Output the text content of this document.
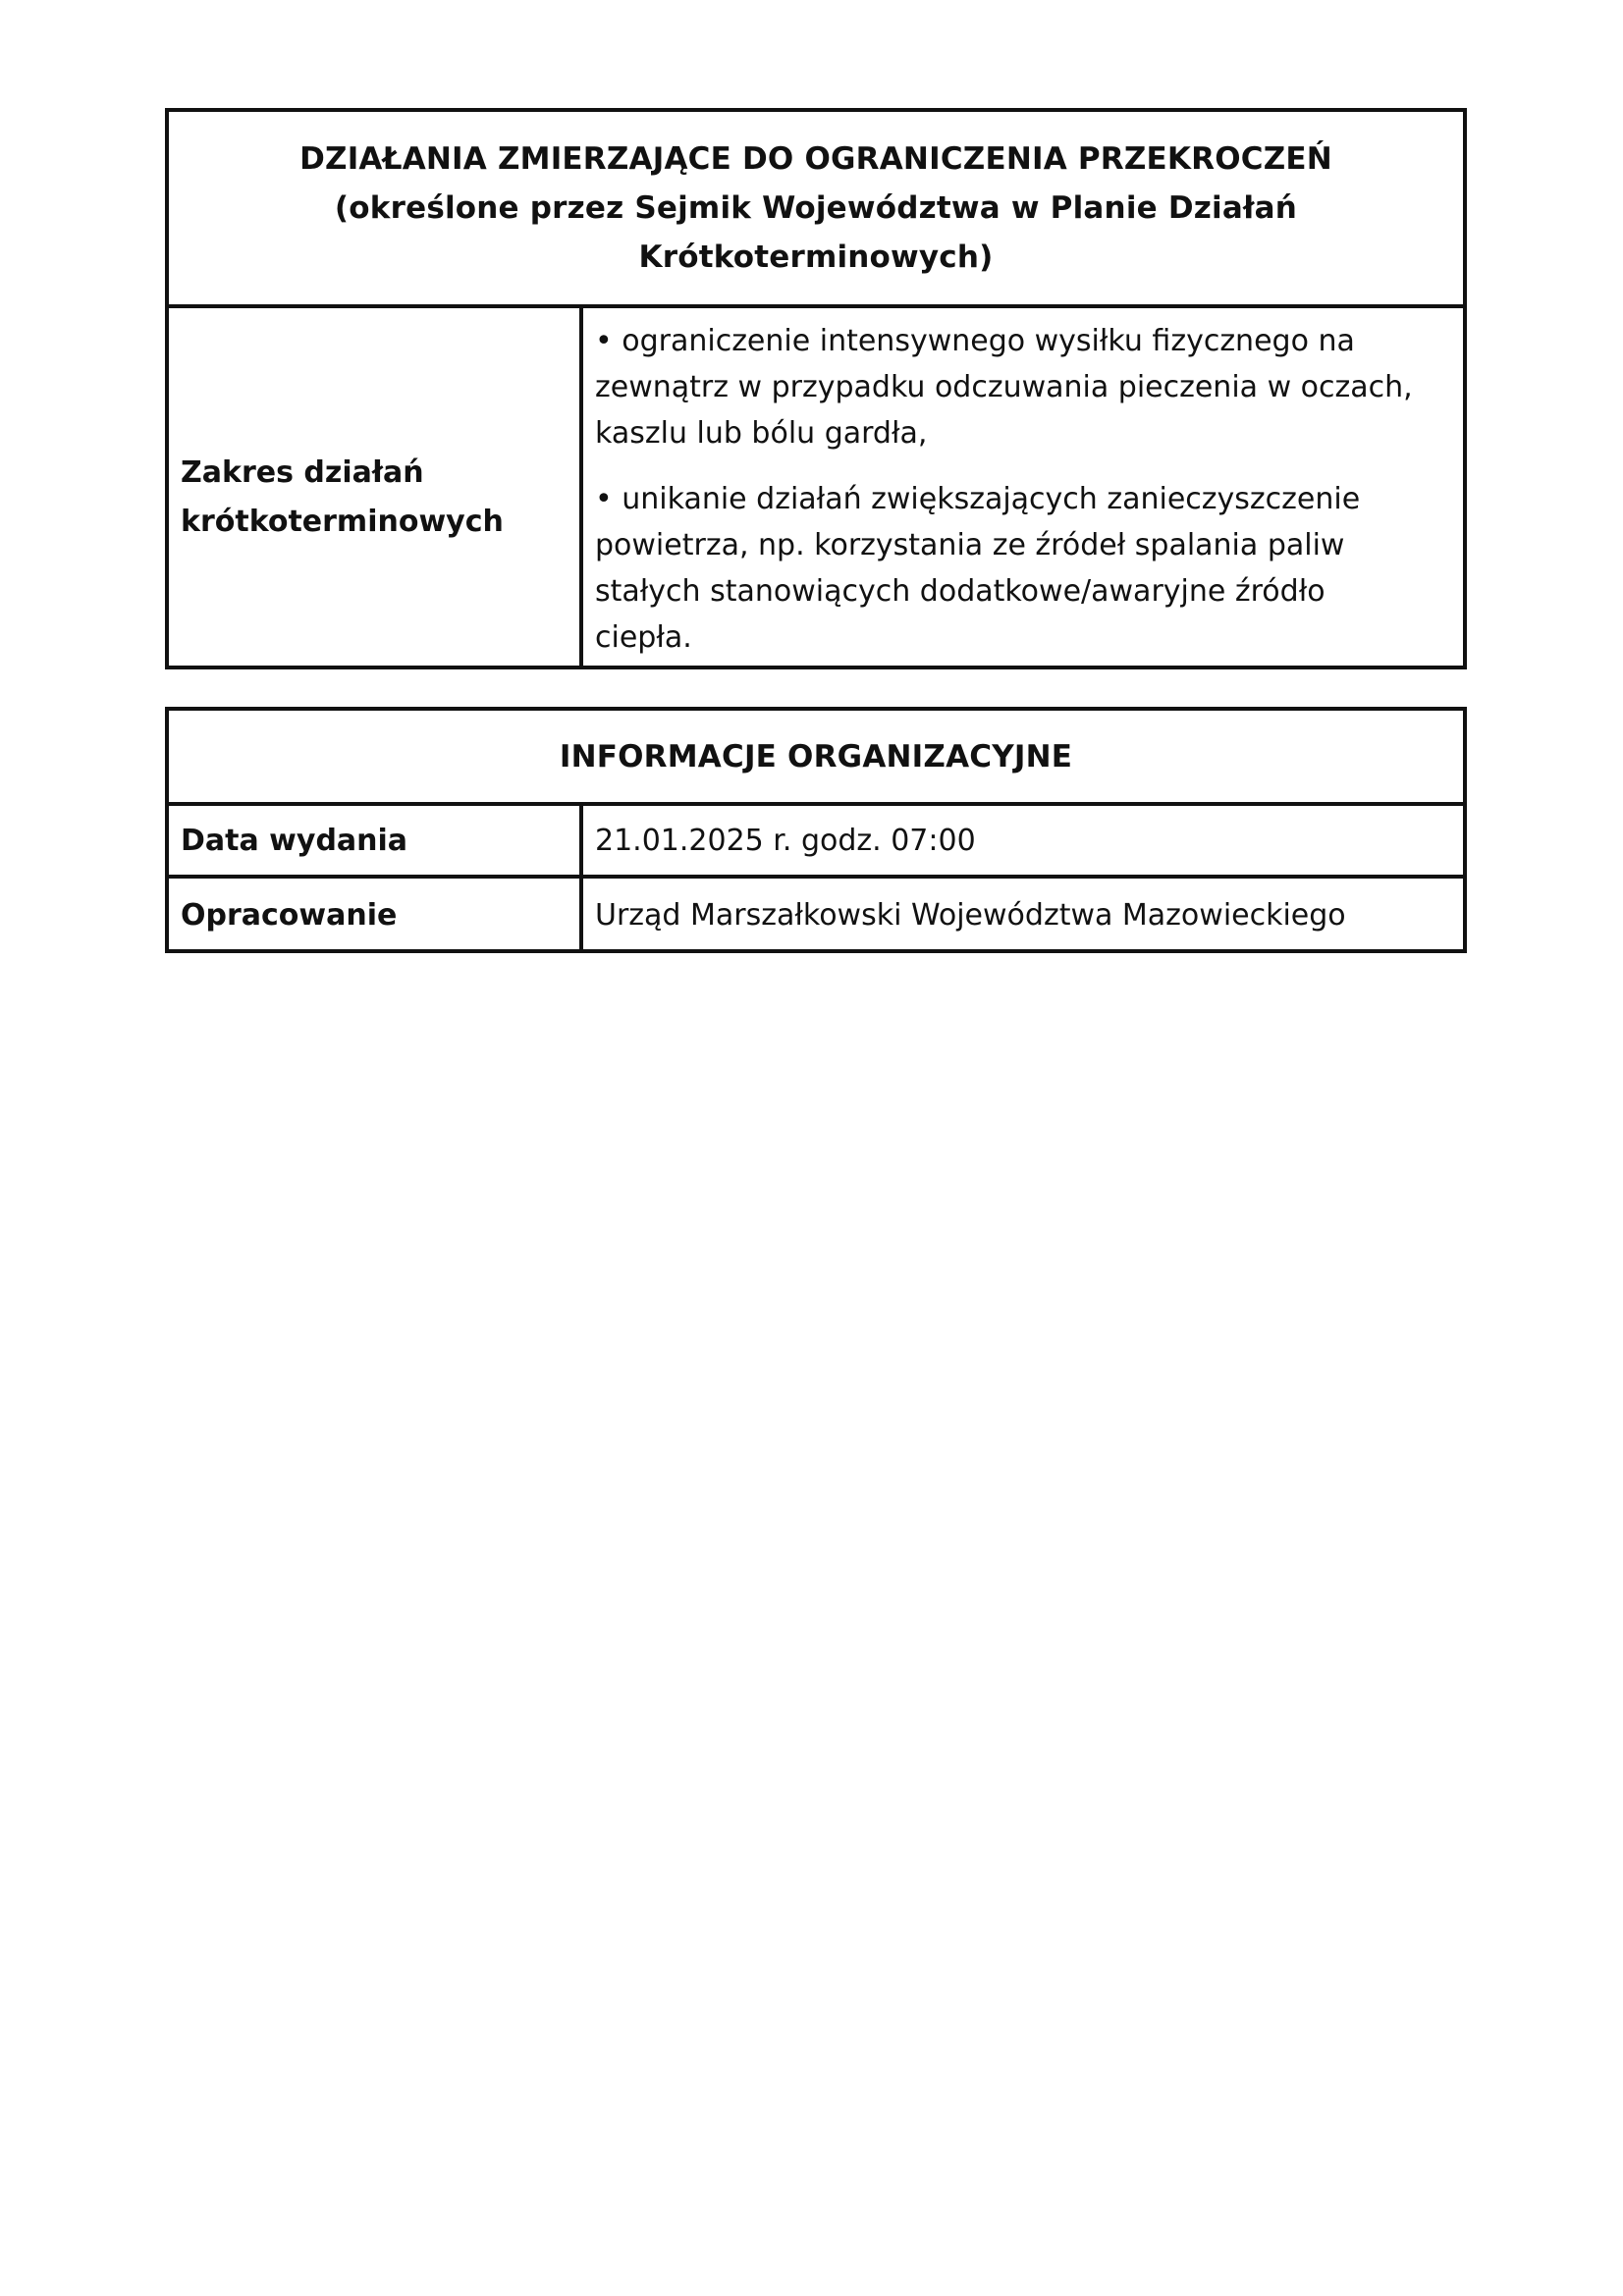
DZIAŁANIA ZMIERZAJĄCE DO OGRANICZENIA PRZEKROCZEŃ
(określone przez Sejmik Województwa w Planie Działań
Krótkoterminowych)
Zakres działań
krótkoterminowych
• ograniczenie intensywnego wysiłku fizycznego na
zewnątrz w przypadku odczuwania pieczenia w oczach,
kaszlu lub bólu gardła,
• unikanie działań zwiększających zanieczyszczenie
powietrza, np. korzystania ze źródeł spalania paliw
stałych stanowiących dodatkowe/awaryjne źródło
ciepła.
INFORMACJE ORGANIZACYJNE
Data wydania	21.01.2025 r. godz. 07:00
Opracowanie	Urząd Marszałkowski Województwa Mazowieckiego
